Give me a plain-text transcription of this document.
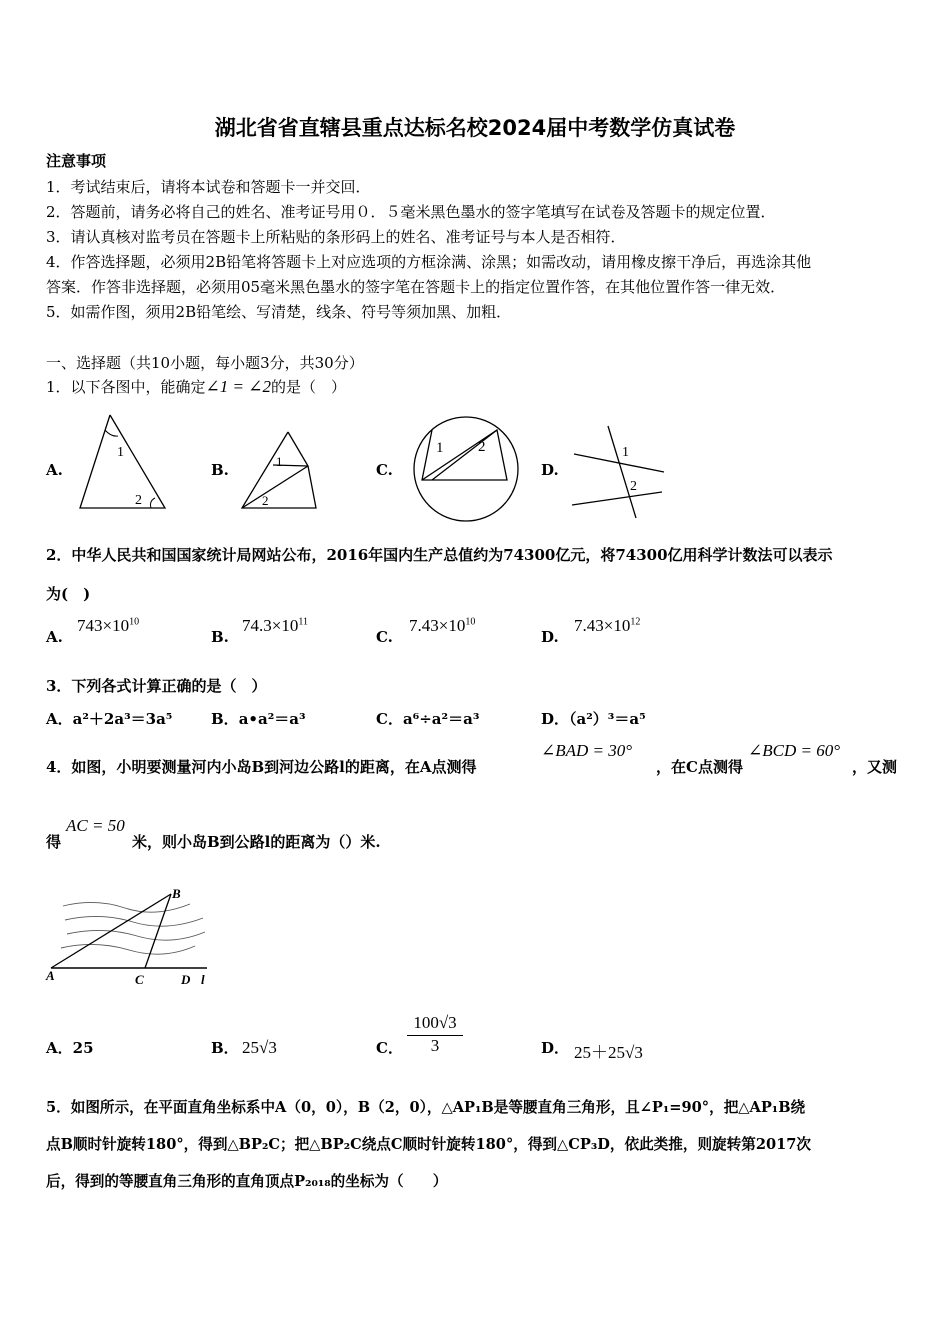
湖北省省直辖县重点达标名校2024届中考数学仿真试卷
注意事项
1．考试结束后，请将本试卷和答题卡一并交回．
2．答题前，请务必将自己的姓名、准考证号用０．５毫米黑色墨水的签字笔填写在试卷及答题卡的规定位置．
3．请认真核对监考员在答题卡上所粘贴的条形码上的姓名、准考证号与本人是否相符．
4．作答选择题，必须用2B铅笔将答题卡上对应选项的方框涂满、涂黑；如需改动，请用橡皮擦干净后，再选涂其他
答案．作答非选择题，必须用05毫米黑色墨水的签字笔在答题卡上的指定位置作答，在其他位置作答一律无效．
5．如需作图，须用2B铅笔绘、写清楚，线条、符号等须加黑、加粗．
一、选择题（共10小题，每小题3分，共30分）
1．以下各图中，能确定∠1 = ∠2的是（　）
A.
1
2
B.	1
2
C.
1 2
D.
1
2
2．中华人民共和国国家统计局网站公布，2016年国内生产总值约为74300亿元，将74300亿用科学计数法可以表示
为(　)
A.
$743\times 10^{10}$
B.
$74.3\times 10^{11}$
C.
$7.43\times 10^{10}$
D.
$7.43\times 10^{12}$
3．下列各式计算正确的是（　）
A．a²＋2a³＝3a⁵	B．a•a²＝a³	C．a⁶÷a²＝a³	D．（a²）³＝a⁵
4．如图，小明要测量河内小岛B到河边公路l的距离，在A点测得
∠BAD = 30°
，在C点测得
∠BCD = 60°
，又测
得
AC = 50
米，则小岛B到公路l的距离为（）米.
B
A	C	D l
A．25	B． 25√3	C．
100√3
3	D． 25＋25√3
5．如图所示，在平面直角坐标系中A（0，0），B（2，0），△AP₁B是等腰直角三角形，且∠P₁=90°，把△AP₁B绕
点B顺时针旋转180°，得到△BP₂C；把△BP₂C绕点C顺时针旋转180°，得到△CP₃D，依此类推，则旋转第2017次
后，得到的等腰直角三角形的直角顶点P₂₀₁₈的坐标为（　　）
